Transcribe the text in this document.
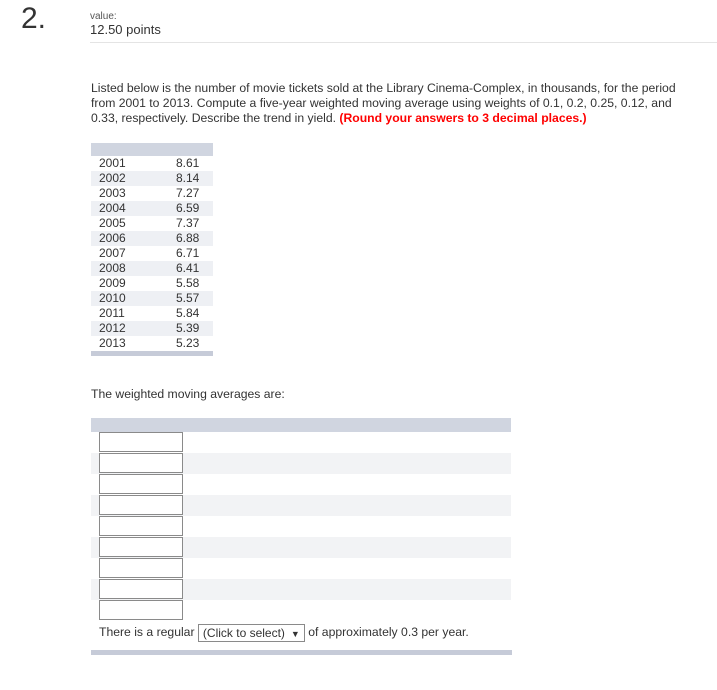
2.	value:
12.50 points
Listed below is the number of movie tickets sold at the Library Cinema-Complex, in thousands, for the period from 2001 to 2013. Compute a five-year weighted moving average using weights of 0.1, 0.2, 0.25, 0.12, and 0.33, respectively. Describe the trend in yield. (Round your answers to 3 decimal places.)
2001	8.61
2002	8.14
2003	7.27
2004	6.59
2005	7.37
2006	6.88
2007	6.71
2008	6.41
2009	5.58
2010	5.57
2011	5.84
2012	5.39
2013	5.23
The weighted moving averages are:
There is a regular (Click to select) ▼ of approximately 0.3 per year.
